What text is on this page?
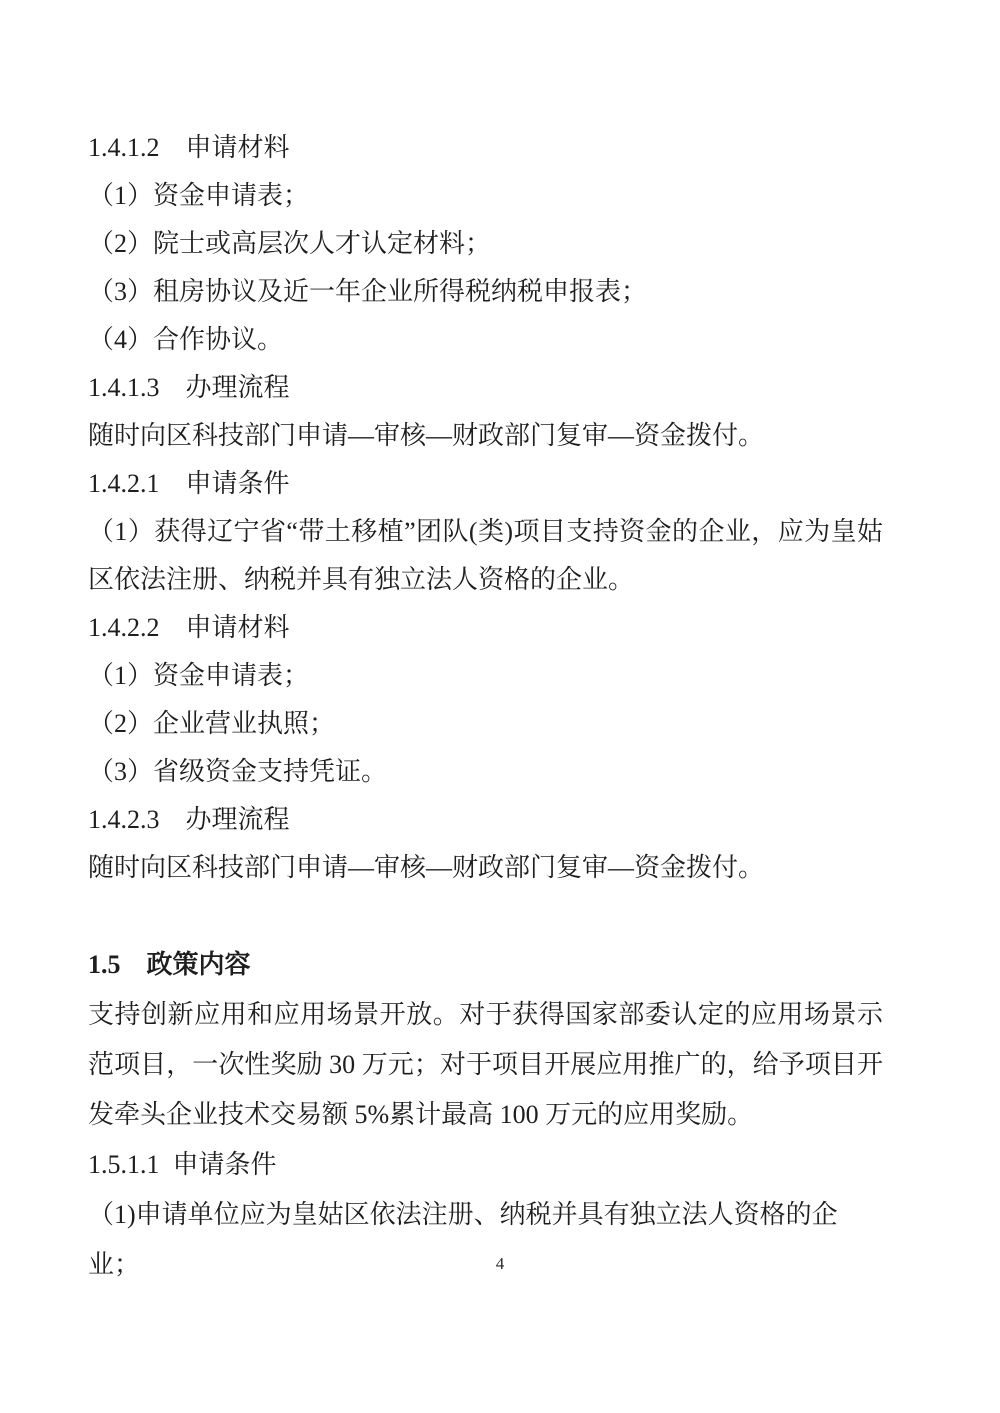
1.4.1.2　申请材料

（1）资金申请表；

（2）院士或高层次人才认定材料；

（3）租房协议及近一年企业所得税纳税申报表；

（4）合作协议。

1.4.1.3　办理流程

随时向区科技部门申请—审核—财政部门复审—资金拨付。

1.4.2.1　申请条件

（1）获得辽宁省“带土移植”团队(类)项目支持资金的企业，应为皇姑区依法注册、纳税并具有独立法人资格的企业。

1.4.2.2　申请材料

（1）资金申请表；

（2）企业营业执照；

（3）省级资金支持凭证。

1.4.2.3　办理流程

随时向区科技部门申请—审核—财政部门复审—资金拨付。

1.5　政策内容

支持创新应用和应用场景开放。对于获得国家部委认定的应用场景示范项目，一次性奖励 30 万元；对于项目开展应用推广的，给予项目开发牵头企业技术交易额 5%累计最高 100 万元的应用奖励。

1.5.1.1  申请条件

（1)申请单位应为皇姑区依法注册、纳税并具有独立法人资格的企业；	4
